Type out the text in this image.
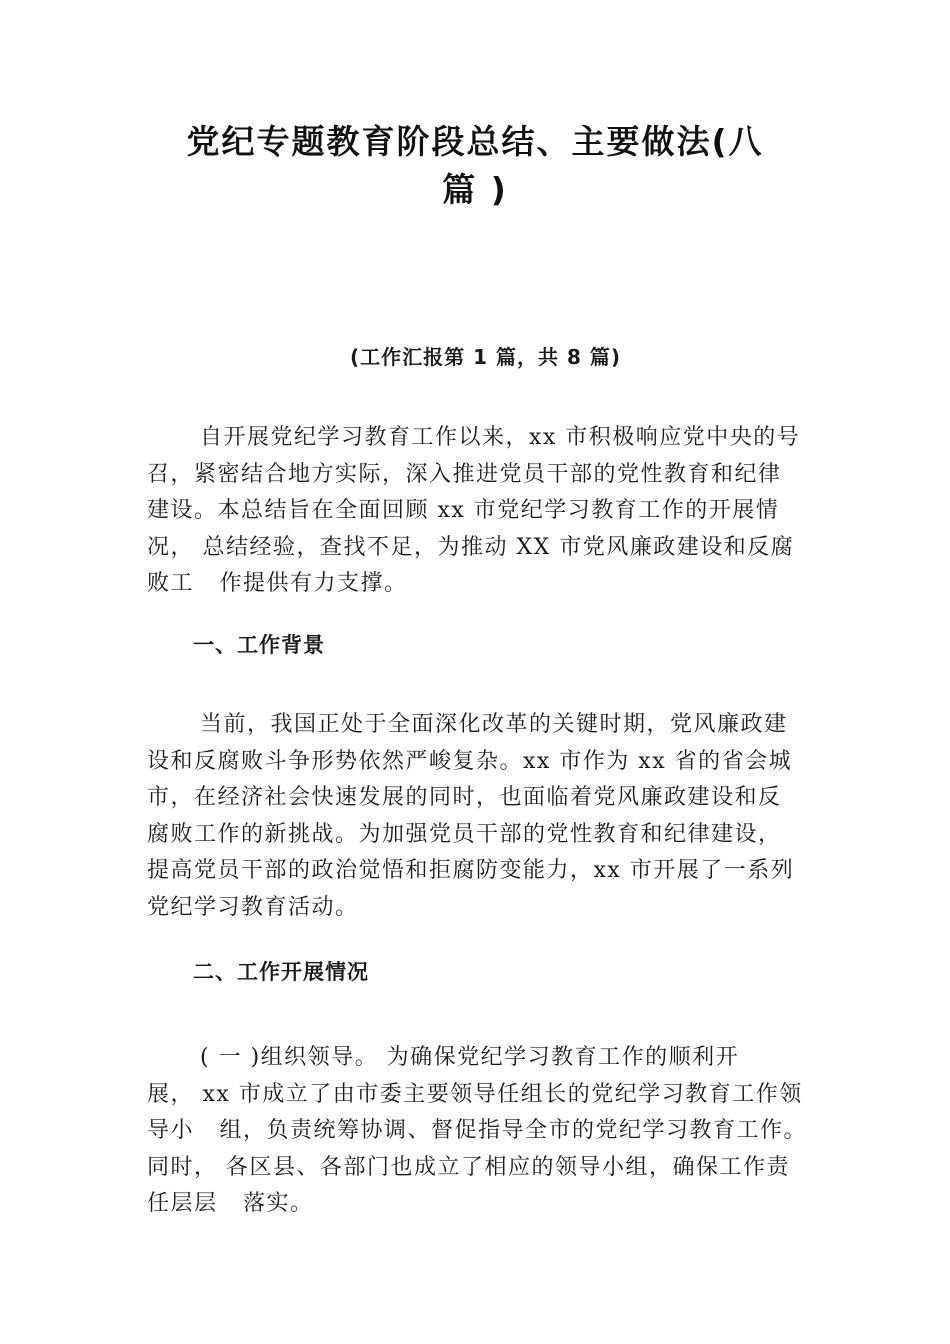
党纪专题教育阶段总结、主要做法(八
篇 )
(工作汇报第 1 篇，共 8 篇)
自开展党纪学习教育工作以来，xx 市积极响应党中央的号
召，紧密结合地方实际，深入推进党员干部的党性教育和纪律
建设。本总结旨在全面回顾 xx 市党纪学习教育工作的开展情
况， 总结经验，查找不足，为推动 XX 市党风廉政建设和反腐
败工   作提供有力支撑。
一、工作背景
当前，我国正处于全面深化改革的关键时期，党风廉政建
设和反腐败斗争形势依然严峻复杂。xx 市作为 xx 省的省会城
市，在经济社会快速发展的同时，也面临着党风廉政建设和反
腐败工作的新挑战。为加强党员干部的党性教育和纪律建设，
提高党员干部的政治觉悟和拒腐防变能力，xx 市开展了一系列
党纪学习教育活动。
二、工作开展情况
( 一 )组织领导。 为确保党纪学习教育工作的顺利开
展， xx 市成立了由市委主要领导任组长的党纪学习教育工作领
导小   组，负责统筹协调、督促指导全市的党纪学习教育工作。
同时， 各区县、各部门也成立了相应的领导小组，确保工作责
任层层   落实。
